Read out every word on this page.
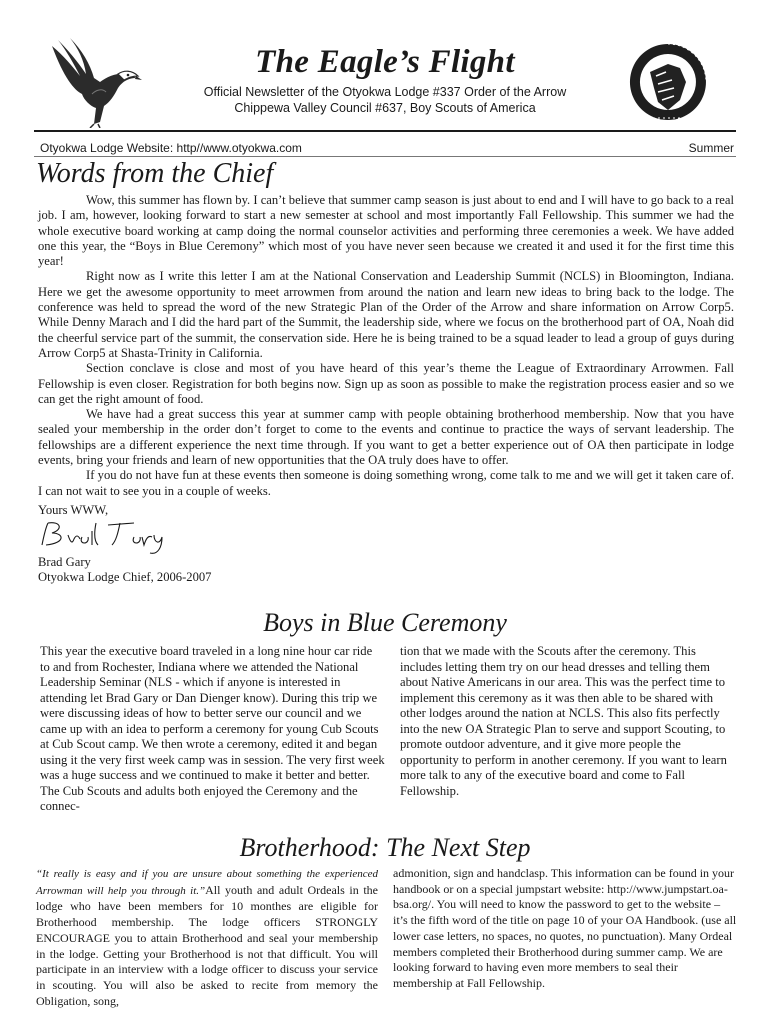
The Eagle’s Flight
Official Newsletter of the Otyokwa Lodge #337 Order of the Arrow
Chippewa Valley Council #637, Boy Scouts of America
Otyokwa Lodge Website: http//www.otyokwa.com	Summer
Words from the Chief

Wow, this summer has flown by. I can’t believe that summer camp season is just about to end and I will have to go back to a real job. I am, however, looking forward to start a new semester at school and most importantly Fall Fellowship. This summer we had the whole executive board working at camp doing the normal counselor activities and performing three ceremonies a week. We have added one this year, the “Boys in Blue Ceremony” which most of you have never seen because we created it and used it for the first time this year!

Right now as I write this letter I am at the National Conservation and Leadership Summit (NCLS) in Bloomington, Indiana. Here we get the awesome opportunity to meet arrowmen from around the nation and learn new ideas to bring back to the lodge. The conference was held to spread the word of the new Strategic Plan of the Order of the Arrow and share information on Arrow Corp5. While Denny Marach and I did the hard part of the Summit, the leadership side, where we focus on the brotherhood part of OA, Noah did the cheerful service part of the summit, the conservation side. Here he is being trained to be a squad leader to lead a group of guys during Arrow Corp5 at Shasta-Trinity in California.

Section conclave is close and most of you have heard of this year’s theme the League of Extraordinary Arrowmen. Fall Fellowship is even closer. Registration for both begins now. Sign up as soon as possible to make the registration process easier and so we can get the right amount of food.

We have had a great success this year at summer camp with people obtaining brotherhood membership. Now that you have sealed your membership in the order don’t forget to come to the events and continue to practice the ways of servant leadership. The fellowships are a different experience the next time through. If you want to get a better experience out of OA then participate in lodge events, bring your friends and learn of new opportunities that the OA truly does have to offer.

If you do not have fun at these events then someone is doing something wrong, come talk to me and we will get it taken care of. I can not wait to see you in a couple of weeks.

Yours WWW,
Brad Gary
Otyokwa Lodge Chief, 2006-2007
Boys in Blue Ceremony
This year the executive board traveled in a long nine hour car ride to and from Rochester, Indiana where we attended the National Leadership Seminar (NLS - which if anyone is interested in attending let Brad Gary or Dan Dienger know). During this trip we were discussing ideas of how to better serve our council and we came up with an idea to perform a ceremony for young Cub Scouts at Cub Scout camp. We then wrote a ceremony, edited it and began using it the very first week camp was in session. The very first week was a huge success and we continued to make it better and better. The Cub Scouts and adults both enjoyed the Ceremony and the connec-
tion that we made with the Scouts after the ceremony. This includes letting them try on our head dresses and telling them about Native Americans in our area. This was the perfect time to implement this ceremony as it was then able to be shared with other lodges around the nation at NCLS. This also fits perfectly into the new OA Strategic Plan to serve and support Scouting, to promote outdoor adventure, and it give more people the opportunity to perform in another ceremony. If you want to learn more talk to any of the executive board and come to Fall Fellowship.
Brotherhood: The Next Step
“It really is easy and if you are unsure about something the experienced Arrowman will help you through it.”All youth and adult Ordeals in the lodge who have been members for 10 monthes are eligible for Brotherhood membership. The lodge officers STRONGLY ENCOURAGE you to attain Brotherhood and seal your membership in the lodge. Getting your Brotherhood is not that difficult. You will participate in an interview with a lodge officer to discuss your service in scouting. You will also be asked to recite from memory the Obligation, song,
admonition, sign and handclasp. This information can be found in your handbook or on a special jumpstart website: http://www.jumpstart.oa-bsa.org/. You will need to know the password to get to the website – it’s the fifth word of the title on page 10 of your OA Handbook. (use all lower case letters, no spaces, no quotes, no punctuation). Many Ordeal members completed their Brotherhood during summer camp. We are looking forward to having even more members to seal their membership at Fall Fellowship.
